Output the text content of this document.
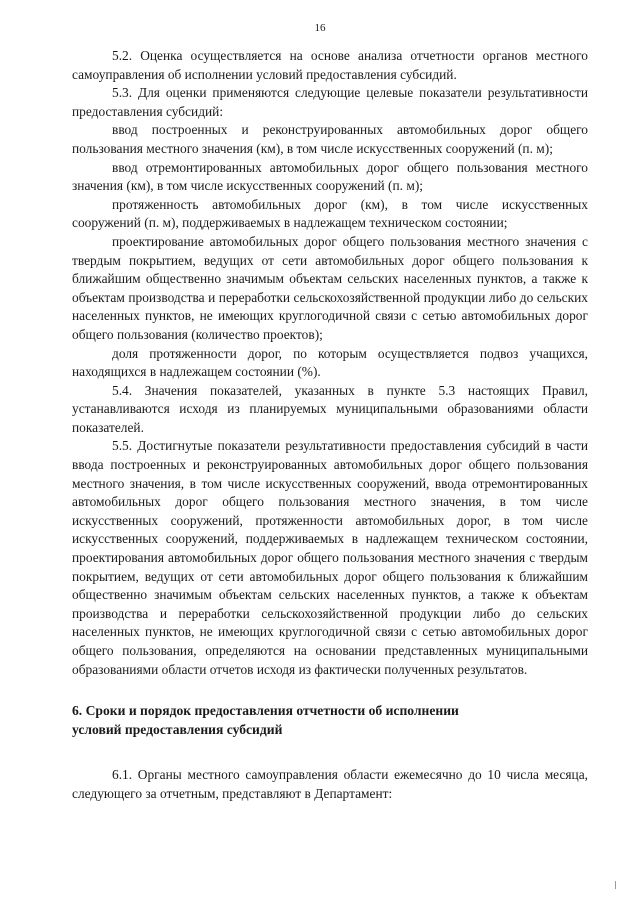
16

5.2. Оценка осуществляется на основе анализа отчетности органов местного самоуправления об исполнении условий предоставления субсидий.

5.3. Для оценки применяются следующие целевые показатели результативности предоставления субсидий:

ввод построенных и реконструированных автомобильных дорог общего пользования местного значения (км), в том числе искусственных сооружений (п. м);

ввод отремонтированных автомобильных дорог общего пользования местного значения (км), в том числе искусственных сооружений (п. м);

протяженность автомобильных дорог (км), в том числе искусственных сооружений (п. м), поддерживаемых в надлежащем техническом состоянии;

проектирование автомобильных дорог общего пользования местного значения с твердым покрытием, ведущих от сети автомобильных дорог общего пользования к ближайшим общественно значимым объектам сельских населенных пунктов, а также к объектам производства и переработки сельскохозяйственной продукции либо до сельских населенных пунктов, не имеющих круглогодичной связи с сетью автомобильных дорог общего пользования (количество проектов);

доля протяженности дорог, по которым осуществляется подвоз учащихся, находящихся в надлежащем состоянии (%).

5.4. Значения показателей, указанных в пункте 5.3 настоящих Правил, устанавливаются исходя из планируемых муниципальными образованиями области показателей.

5.5. Достигнутые показатели результативности предоставления субсидий в части ввода построенных и реконструированных автомобильных дорог общего пользования местного значения, в том числе искусственных сооружений, ввода отремонтированных автомобильных дорог общего пользования местного значения, в том числе искусственных сооружений, протяженности автомобильных дорог, в том числе искусственных сооружений, поддерживаемых в надлежащем техническом состоянии, проектирования автомобильных дорог общего пользования местного значения с твердым покрытием, ведущих от сети автомобильных дорог общего пользования к ближайшим общественно значимым объектам сельских населенных пунктов, а также к объектам производства и переработки сельскохозяйственной продукции либо до сельских населенных пунктов, не имеющих круглогодичной связи с сетью автомобильных дорог общего пользования, определяются на основании представленных муниципальными образованиями области отчетов исходя из фактически полученных результатов.

6. Сроки и порядок предоставления отчетности об исполнении

условий предоставления субсидий

6.1. Органы местного самоуправления области ежемесячно до 10 числа месяца, следующего за отчетным, представляют в Департамент:
